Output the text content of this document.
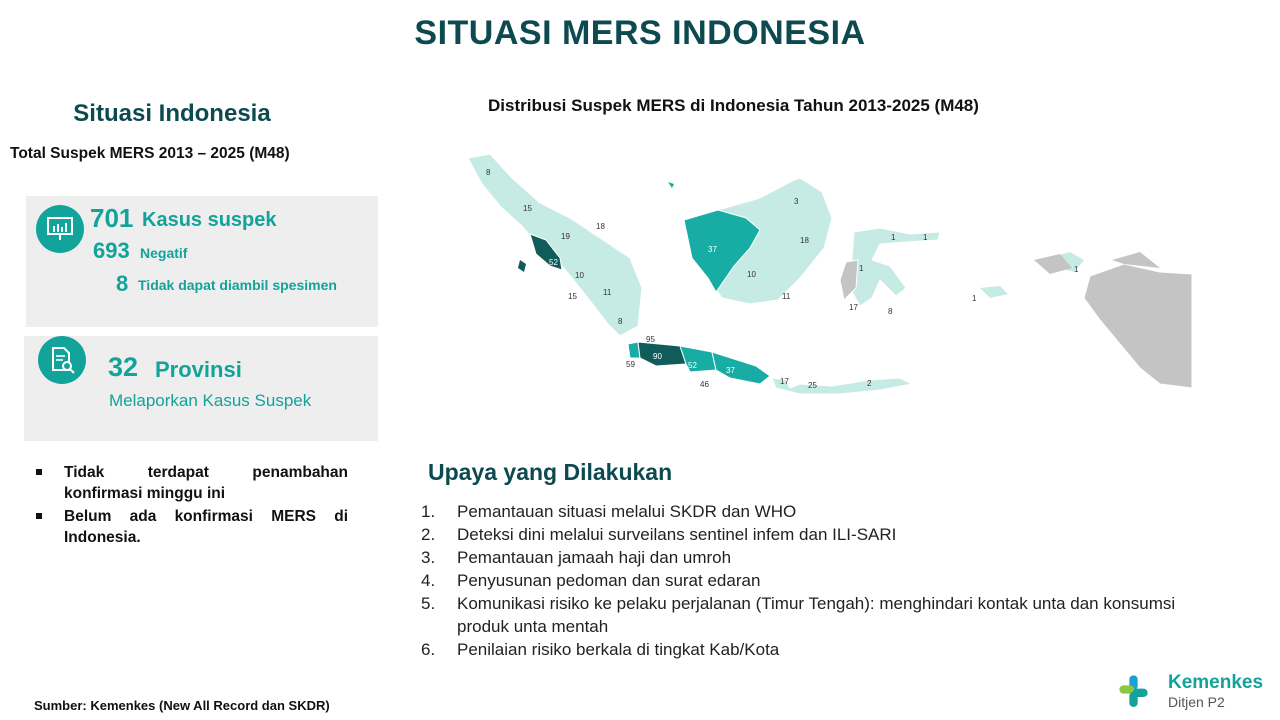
SITUASI MERS INDONESIA
Situasi Indonesia
Total Suspek MERS 2013 – 2025 (M48)
701 Kasus suspek
693 Negatif
8 Tidak dapat diambil spesimen
32 Provinsi
Melaporkan Kasus Suspek
Tidak terdapat penambahan konfirmasi minggu ini
Belum ada konfirmasi MERS di Indonesia.
Distribusi Suspek MERS di Indonesia Tahun 2013-2025 (M48)
8
15
18
19
52
10
15	11
8
3
37
18
10
11
1	1
1
17	8
1
1
59
95
90
52
37
46	17 25	2
Upaya yang Dilakukan
1.	Pemantauan situasi melalui SKDR dan WHO
2.	Deteksi dini melalui surveilans sentinel infem dan ILI-SARI
3.	Pemantauan jamaah haji dan umroh
4.	Penyusunan pedoman dan surat edaran
5.	Komunikasi risiko ke pelaku perjalanan (Timur Tengah): menghindari kontak unta dan konsumsi produk unta mentah
6.	Penilaian risiko berkala di tingkat Kab/Kota
Sumber: Kemenkes (New All Record dan SKDR)
Kemenkes
Ditjen P2
